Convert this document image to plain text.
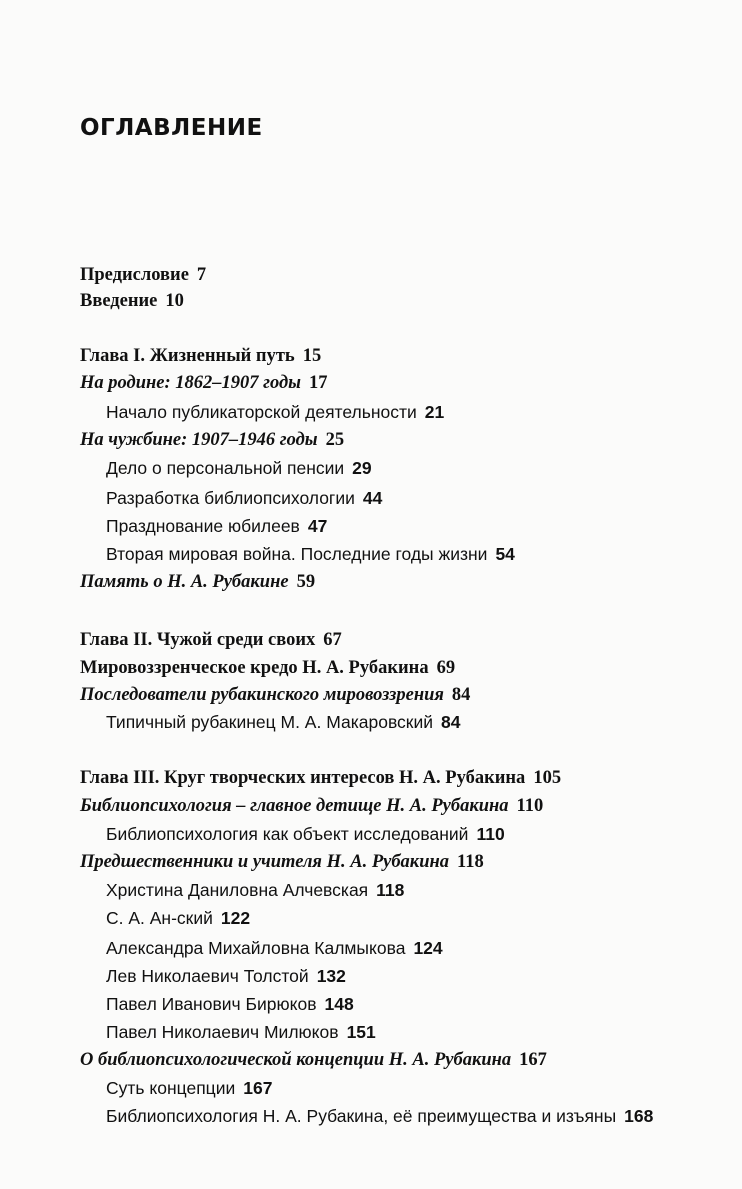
ОГЛАВЛЕНИЕ
Предисловие 7
Введение 10
Глава I. Жизненный путь 15
На родине: 1862–1907 годы 17
Начало публикаторской деятельности 21
На чужбине: 1907–1946 годы 25
Дело о персональной пенсии 29
Разработка библиопсихологии 44
Празднование юбилеев 47
Вторая мировая война. Последние годы жизни 54
Память о Н. А. Рубакине 59
Глава II. Чужой среди своих 67
Мировоззренческое кредо Н. А. Рубакина 69
Последователи рубакинского мировоззрения 84
Типичный рубакинец М. А. Макаровский 84
Глава III. Круг творческих интересов Н. А. Рубакина 105
Библиопсихология – главное детище Н. А. Рубакина 110
Библиопсихология как объект исследований 110
Предшественники и учителя Н. А. Рубакина 118
Христина Даниловна Алчевская 118
С. А. Ан-ский 122
Александра Михайловна Калмыкова 124
Лев Николаевич Толстой 132
Павел Иванович Бирюков 148
Павел Николаевич Милюков 151
О библиопсихологической концепции Н. А. Рубакина 167
Суть концепции 167
Библиопсихология Н. А. Рубакина, её преимущества и изъяны 168
